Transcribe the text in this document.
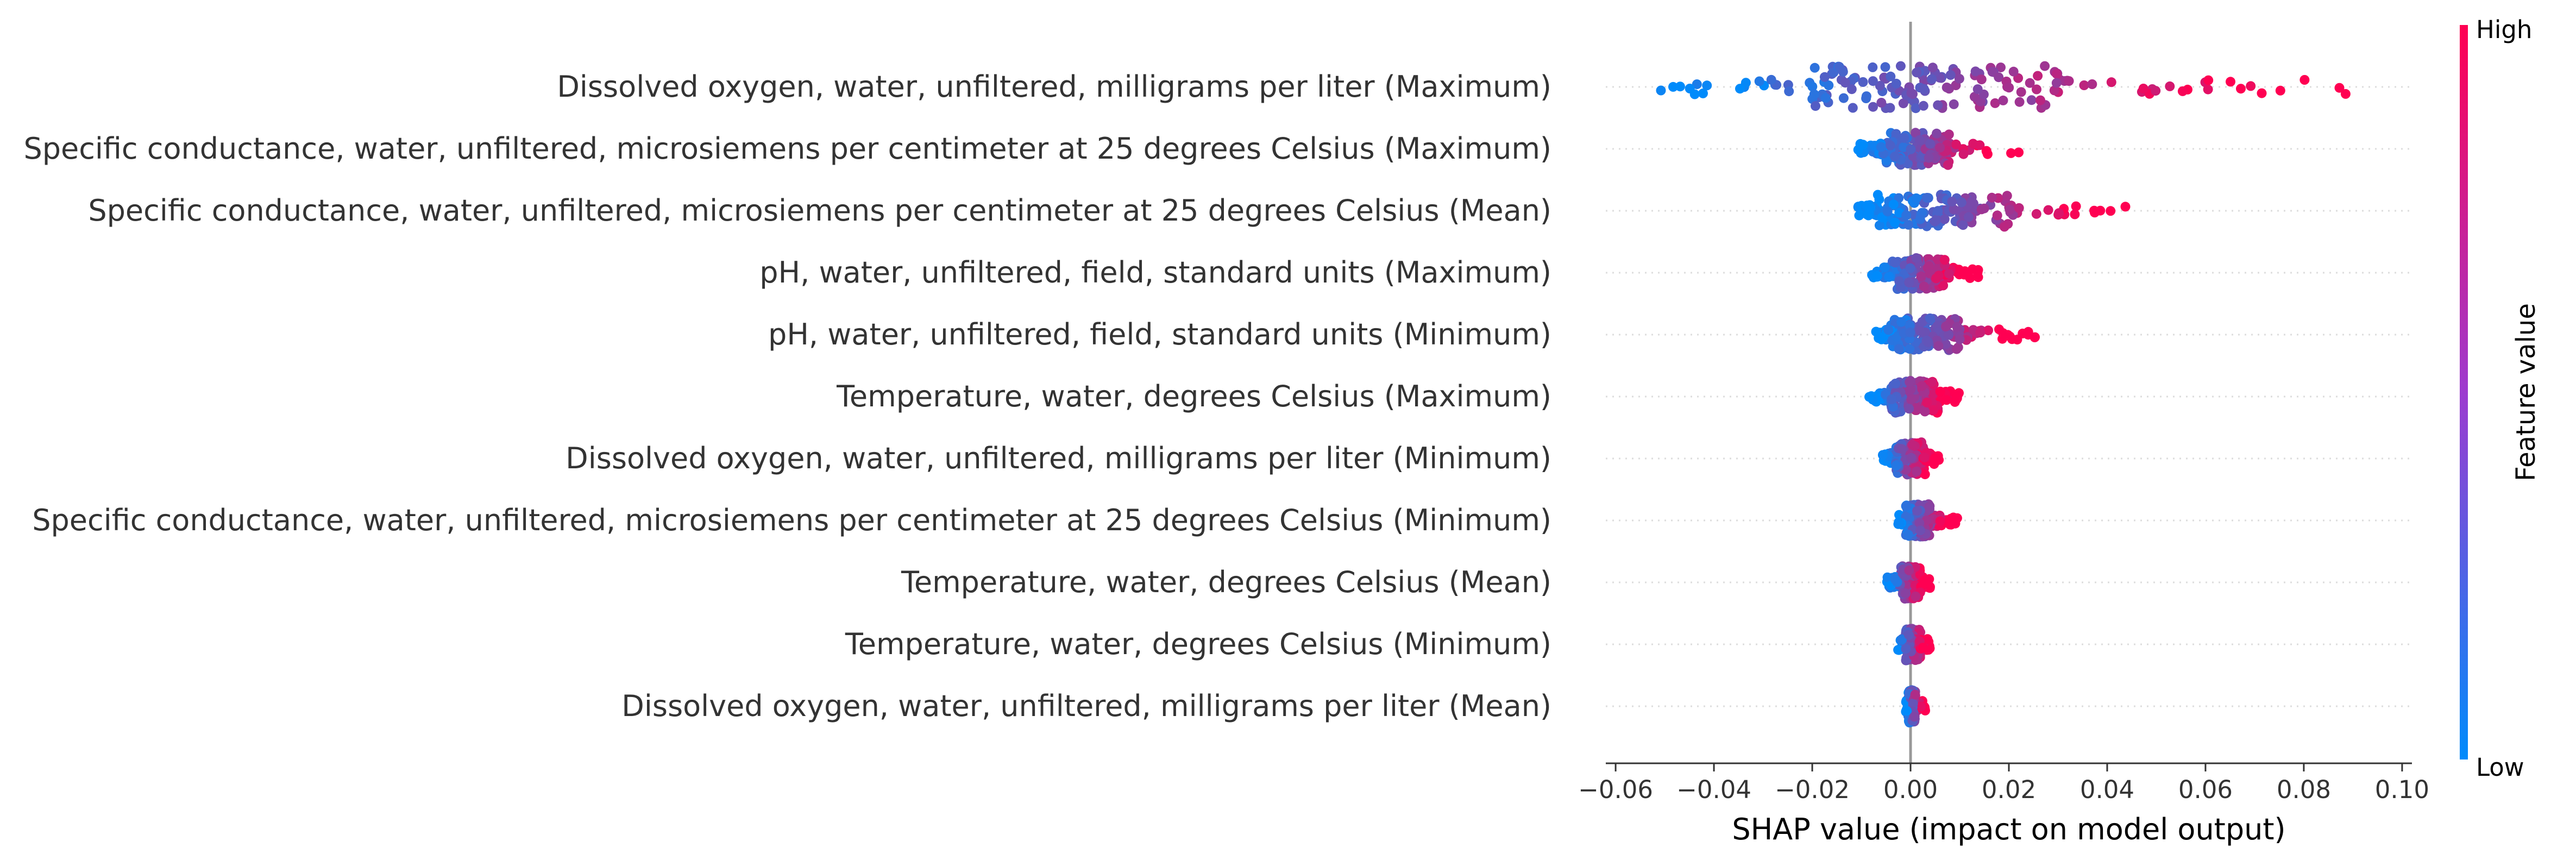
Dissolved oxygen, water, unfiltered, milligrams per liter (Maximum)
Specific conductance, water, unfiltered, microsiemens per centimeter at 25 degrees Celsius (Maximum)
Specific conductance, water, unfiltered, microsiemens per centimeter at 25 degrees Celsius (Mean)
pH, water, unfiltered, field, standard units (Maximum)
pH, water, unfiltered, field, standard units (Minimum)
Temperature, water, degrees Celsius (Maximum)
Dissolved oxygen, water, unfiltered, milligrams per liter (Minimum)
Specific conductance, water, unfiltered, microsiemens per centimeter at 25 degrees Celsius (Minimum)
Temperature, water, degrees Celsius (Mean)
Temperature, water, degrees Celsius (Minimum)
Dissolved oxygen, water, unfiltered, milligrams per liter (Mean)
−0.06 −0.04 −0.02 0.00 0.02 0.04 0.06 0.08 0.10
SHAP value (impact on model output)
High
Low
Feature value
